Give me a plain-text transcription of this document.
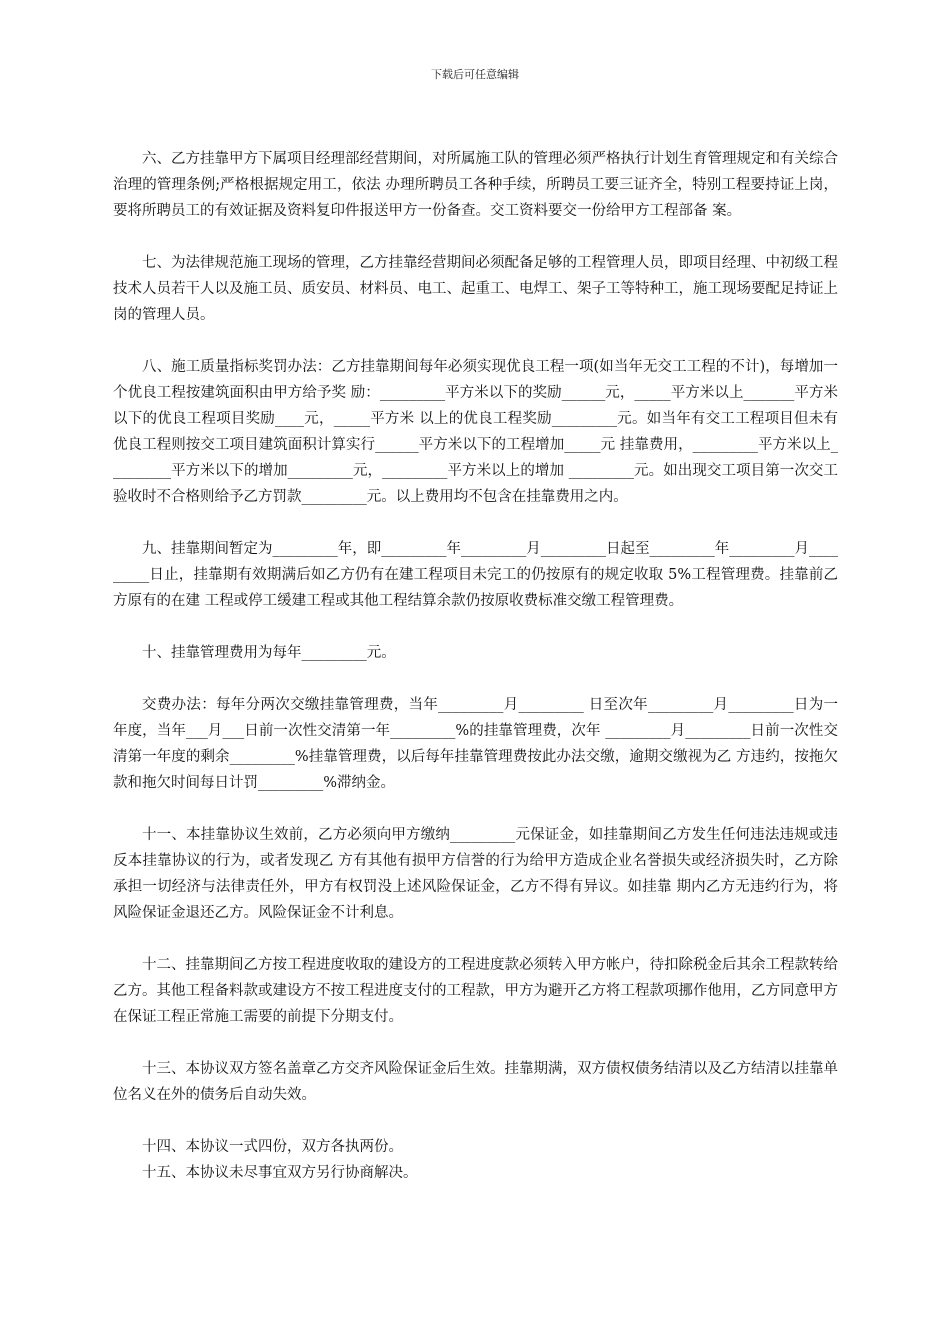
下载后可任意编辑

六、乙方挂靠甲方下属项目经理部经营期间，对所属施工队的管理必须严格执行计划生育管理规定和有关综合治理的管理条例;严格根据规定用工，依法 办理所聘员工各种手续，所聘员工要三证齐全，特别工程要持证上岗，要将所聘员工的有效证据及资料复印件报送甲方一份备查。交工资料要交一份给甲方工程部备 案。

七、为法律规范施工现场的管理，乙方挂靠经营期间必须配备足够的工程管理人员，即项目经理、中初级工程技术人员若干人以及施工员、质安员、材料员、电工、起重工、电焊工、架子工等特种工，施工现场要配足持证上岗的管理人员。

八、施工质量指标奖罚办法：乙方挂靠期间每年必须实现优良工程一项(如当年无交工工程的不计)，每增加一个优良工程按建筑面积由甲方给予奖 励：_________平方米以下的奖励______元，_____平方米以上_______平方米以下的优良工程项目奖励____元，_____平方米 以上的优良工程奖励_________元。如当年有交工工程项目但未有优良工程则按交工项目建筑面积计算实行______平方米以下的工程增加_____元 挂靠费用，_________平方米以上_________平方米以下的增加_________元，_________平方米以上的增加 _________元。如出现交工项目第一次交工验收时不合格则给予乙方罚款_________元。以上费用均不包含在挂靠费用之内。

九、挂靠期间暂定为_________年，即_________年_________月_________日起至_________年_________月_________日止，挂靠期有效期满后如乙方仍有在建工程项目未完工的仍按原有的规定收取 5%工程管理费。挂靠前乙方原有的在建 工程或停工缓建工程或其他工程结算余款仍按原收费标准交缴工程管理费。

十、挂靠管理费用为每年_________元。

交费办法：每年分两次交缴挂靠管理费，当年_________月_________ 日至次年_________月_________日为一年度，当年___月___日前一次性交清第一年_________%的挂靠管理费，次年 _________月_________日前一次性交清第一年度的剩余_________%挂靠管理费，以后每年挂靠管理费按此办法交缴，逾期交缴视为乙 方违约，按拖欠款和拖欠时间每日计罚_________%滞纳金。

十一、本挂靠协议生效前，乙方必须向甲方缴纳_________元保证金，如挂靠期间乙方发生任何违法违规或违反本挂靠协议的行为，或者发现乙 方有其他有损甲方信誉的行为给甲方造成企业名誉损失或经济损失时，乙方除承担一切经济与法律责任外，甲方有权罚没上述风险保证金，乙方不得有异议。如挂靠 期内乙方无违约行为，将风险保证金退还乙方。风险保证金不计利息。

十二、挂靠期间乙方按工程进度收取的建设方的工程进度款必须转入甲方帐户，待扣除税金后其余工程款转给乙方。其他工程备料款或建设方不按工程进度支付的工程款，甲方为避开乙方将工程款项挪作他用，乙方同意甲方在保证工程正常施工需要的前提下分期支付。

十三、本协议双方签名盖章乙方交齐风险保证金后生效。挂靠期满，双方债权债务结清以及乙方结清以挂靠单位名义在外的债务后自动失效。

十四、本协议一式四份，双方各执两份。

十五、本协议未尽事宜双方另行协商解决。
